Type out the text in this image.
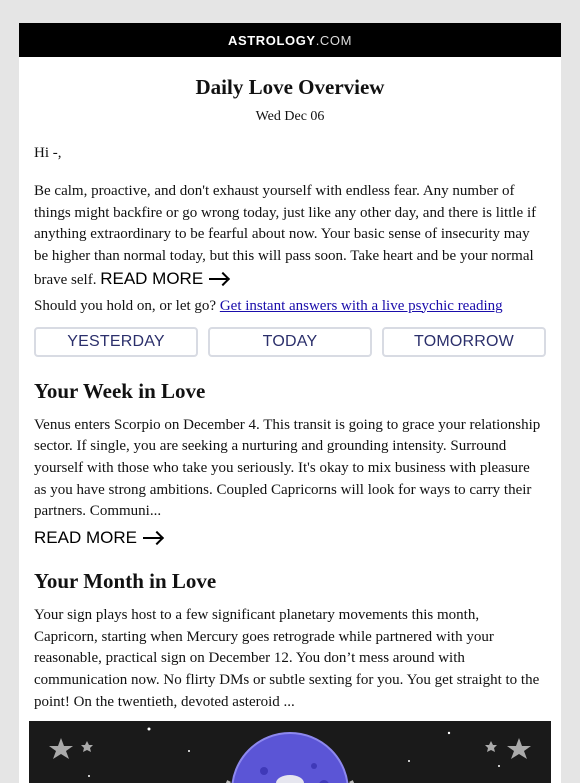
ASTROLOGY.COM
Daily Love Overview
Wed Dec 06
Hi -,

Be calm, proactive, and don't exhaust yourself with endless fear. Any number of things might backfire or go wrong today, just like any other day, and there is little if anything extraordinary to be fearful about now. Your basic sense of insecurity may be higher than normal today, but this will pass soon. Take heart and be your normal brave self. READ MORE

Should you hold on, or let go? Get instant answers with a live psychic reading
YESTERDAY	TODAY	TOMORROW
Your Week in Love

Venus enters Scorpio on December 4. This transit is going to grace your relationship sector. If single, you are seeking a nurturing and grounding intensity. Surround yourself with those who take you seriously. It's okay to mix business with pleasure as you have strong ambitions. Coupled Capricorns will look for ways to carry their partners. Communi...

READ MORE
Your Month in Love

Your sign plays host to a few significant planetary movements this month, Capricorn, starting when Mercury goes retrograde while partnered with your reasonable, practical sign on December 12. You don’t mess around with communication now. No flirty DMs or subtle sexting for you. You get straight to the point! On the twentieth, devoted asteroid ...
